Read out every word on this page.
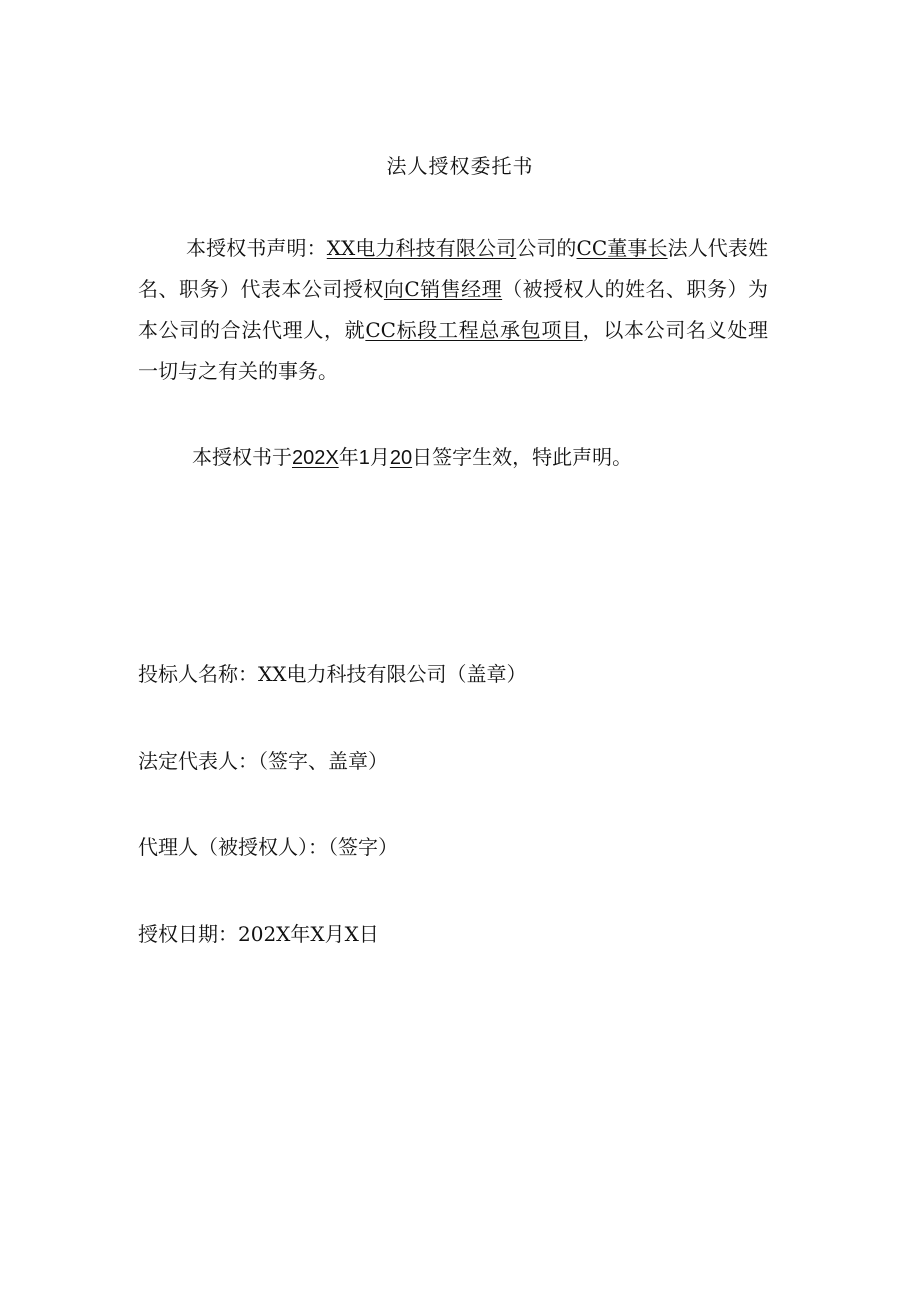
法人授权委托书

本授权书声明：XX电力科技有限公司公司的CC董事长法人代表姓名、职务）代表本公司授权向C销售经理（被授权人的姓名、职务）为本公司的合法代理人，就CC标段工程总承包项目，以本公司名义处理一切与之有关的事务。

本授权书于202X年1月20日签字生效，特此声明。

投标人名称：XX电力科技有限公司（盖章）
法定代表人：（签字、盖章）
代理人（被授权人）：（签字）
授权日期：202X年X月X日
